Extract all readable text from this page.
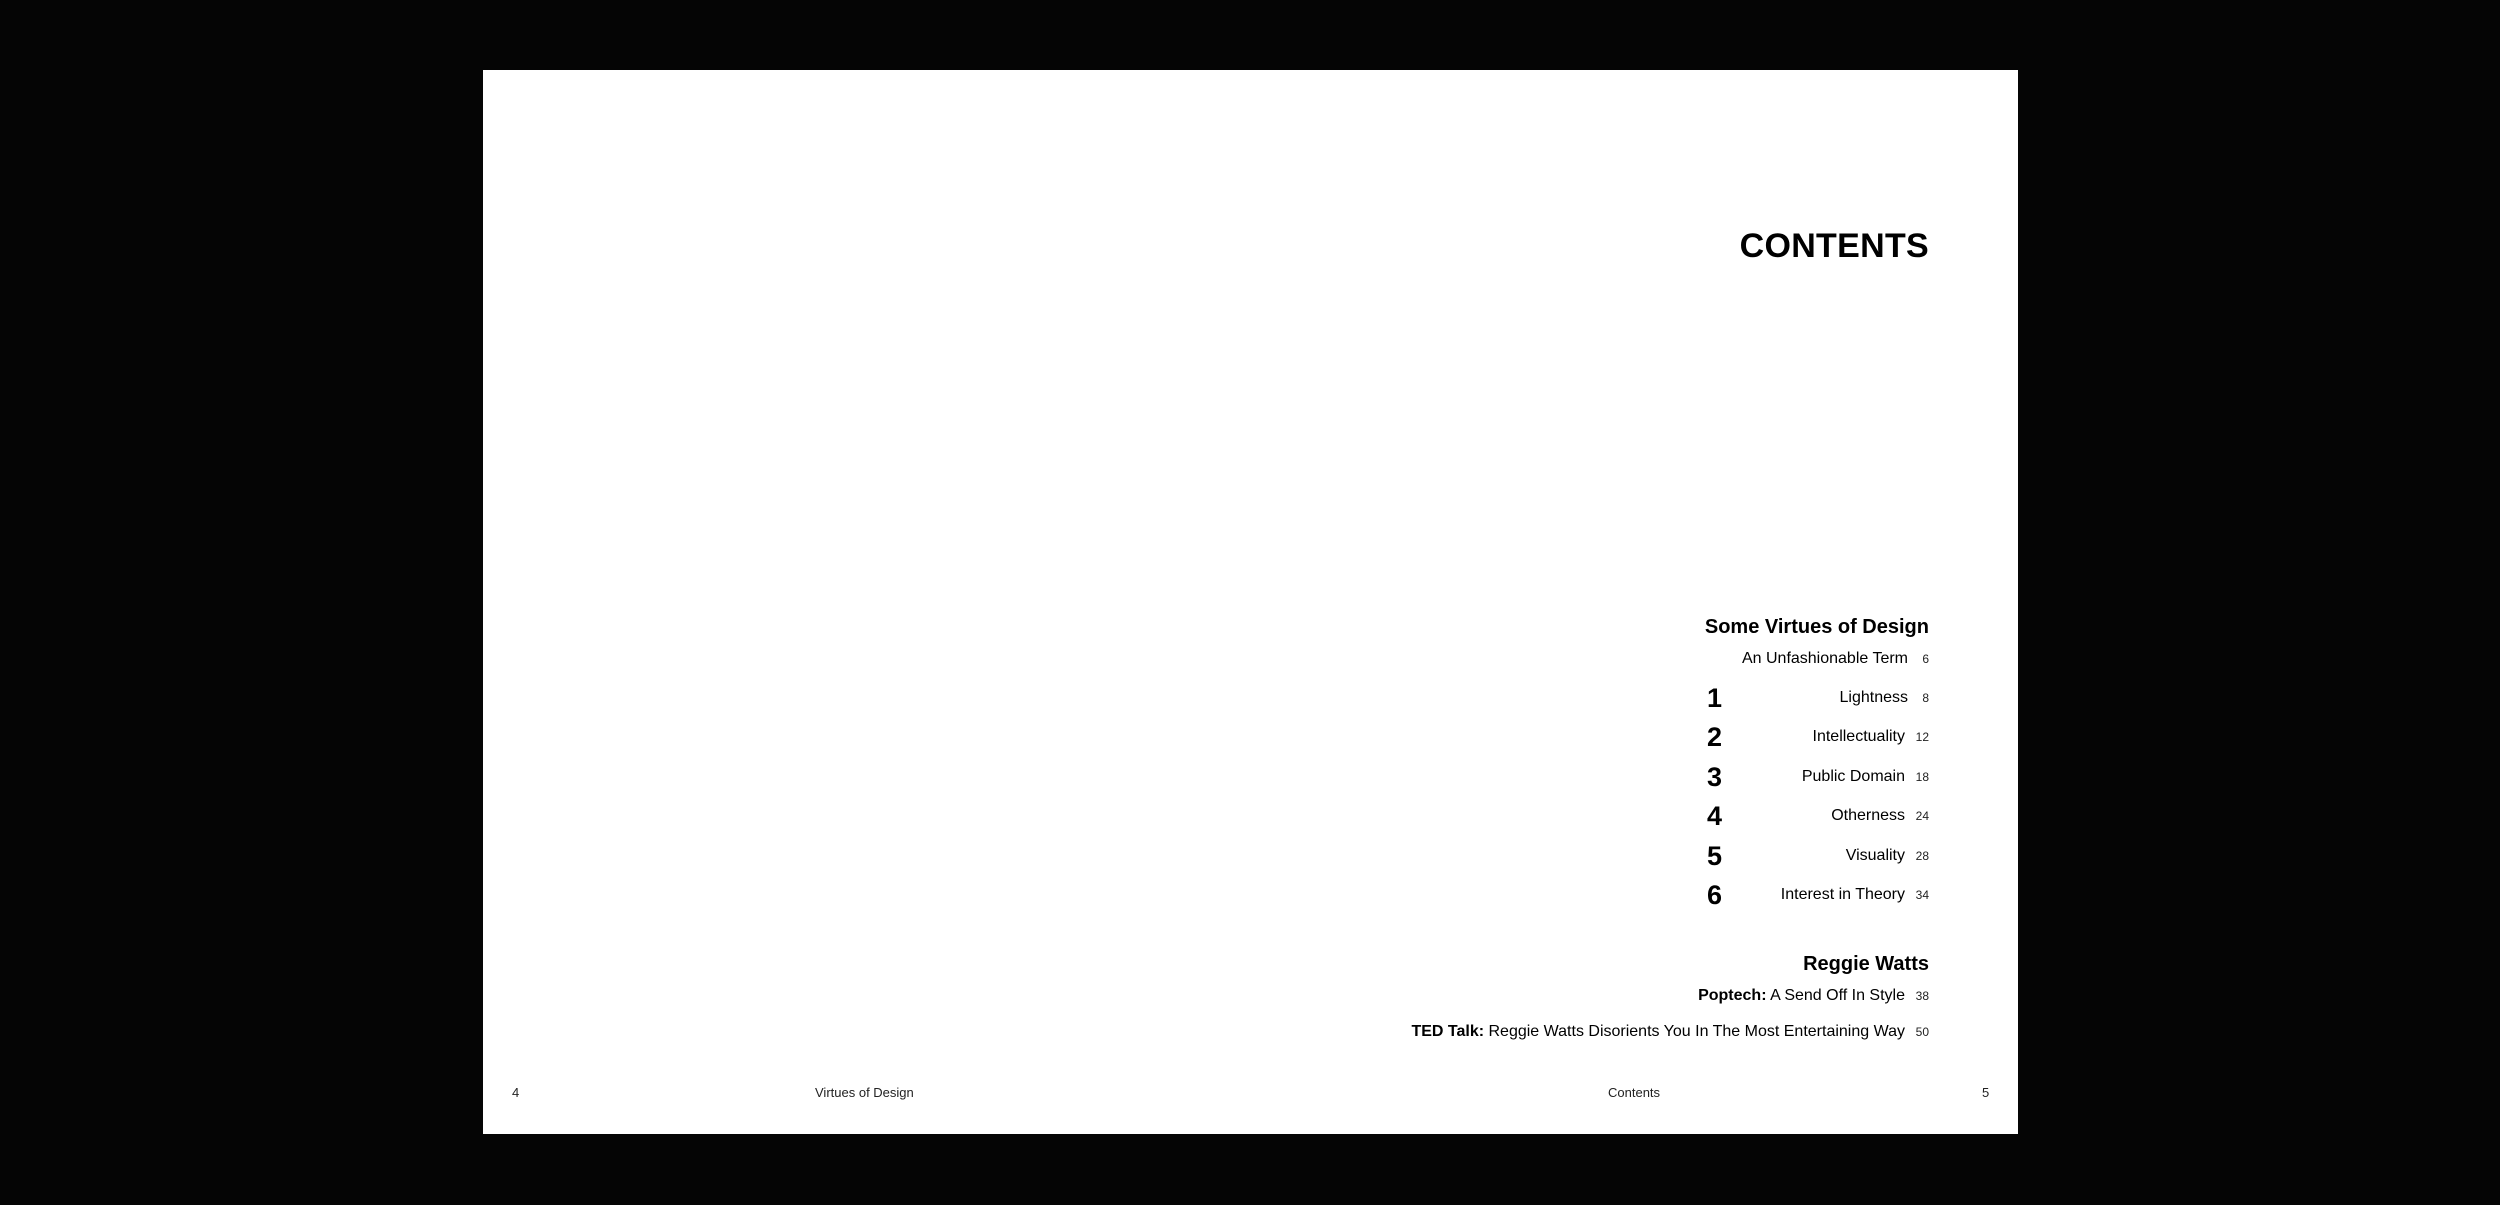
CONTENTS
Some Virtues of Design
An Unfashionable Term 6
1	Lightness 8
2	Intellectuality 12
3	Public Domain 18
4	Otherness 24
5	Visuality 28
6	Interest in Theory 34
Reggie Watts
Poptech: A Send Off In Style 38
TED Talk: Reggie Watts Disorients You In The Most Entertaining Way 50
4	Virtues of Design	Contents	5
